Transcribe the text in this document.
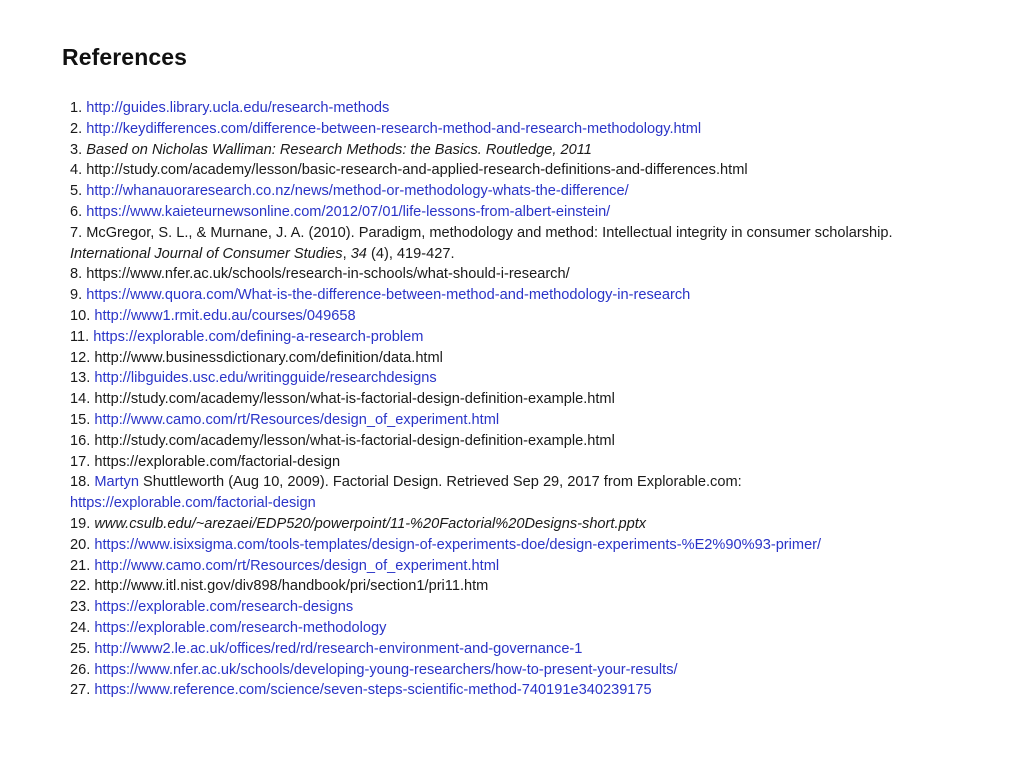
References
1. http://guides.library.ucla.edu/research-methods
2. http://keydifferences.com/difference-between-research-method-and-research-methodology.html
3. Based on Nicholas Walliman: Research Methods: the Basics. Routledge, 2011
4. http://study.com/academy/lesson/basic-research-and-applied-research-definitions-and-differences.html
5. http://whanauoraresearch.co.nz/news/method-or-methodology-whats-the-difference/
6. https://www.kaieteurnewsonline.com/2012/07/01/life-lessons-from-albert-einstein/
7. McGregor, S. L., & Murnane, J. A. (2010). Paradigm, methodology and method: Intellectual integrity in consumer scholarship. International Journal of Consumer Studies, 34 (4), 419-427.
8. https://www.nfer.ac.uk/schools/research-in-schools/what-should-i-research/
9. https://www.quora.com/What-is-the-difference-between-method-and-methodology-in-research
10. http://www1.rmit.edu.au/courses/049658
11. https://explorable.com/defining-a-research-problem
12. http://www.businessdictionary.com/definition/data.html
13. http://libguides.usc.edu/writingguide/researchdesigns
14. http://study.com/academy/lesson/what-is-factorial-design-definition-example.html
15. http://www.camo.com/rt/Resources/design_of_experiment.html
16. http://study.com/academy/lesson/what-is-factorial-design-definition-example.html
17. https://explorable.com/factorial-design
18. Martyn Shuttleworth (Aug 10, 2009). Factorial Design. Retrieved Sep 29, 2017 from Explorable.com:
https://explorable.com/factorial-design
19. www.csulb.edu/~arezaei/EDP520/powerpoint/11-%20Factorial%20Designs-short.pptx
20. https://www.isixsigma.com/tools-templates/design-of-experiments-doe/design-experiments-%E2%90%93-primer/
21. http://www.camo.com/rt/Resources/design_of_experiment.html
22. http://www.itl.nist.gov/div898/handbook/pri/section1/pri11.htm
23. https://explorable.com/research-designs
24. https://explorable.com/research-methodology
25. http://www2.le.ac.uk/offices/red/rd/research-environment-and-governance-1
26. https://www.nfer.ac.uk/schools/developing-young-researchers/how-to-present-your-results/
27. https://www.reference.com/science/seven-steps-scientific-method-740191e340239175
